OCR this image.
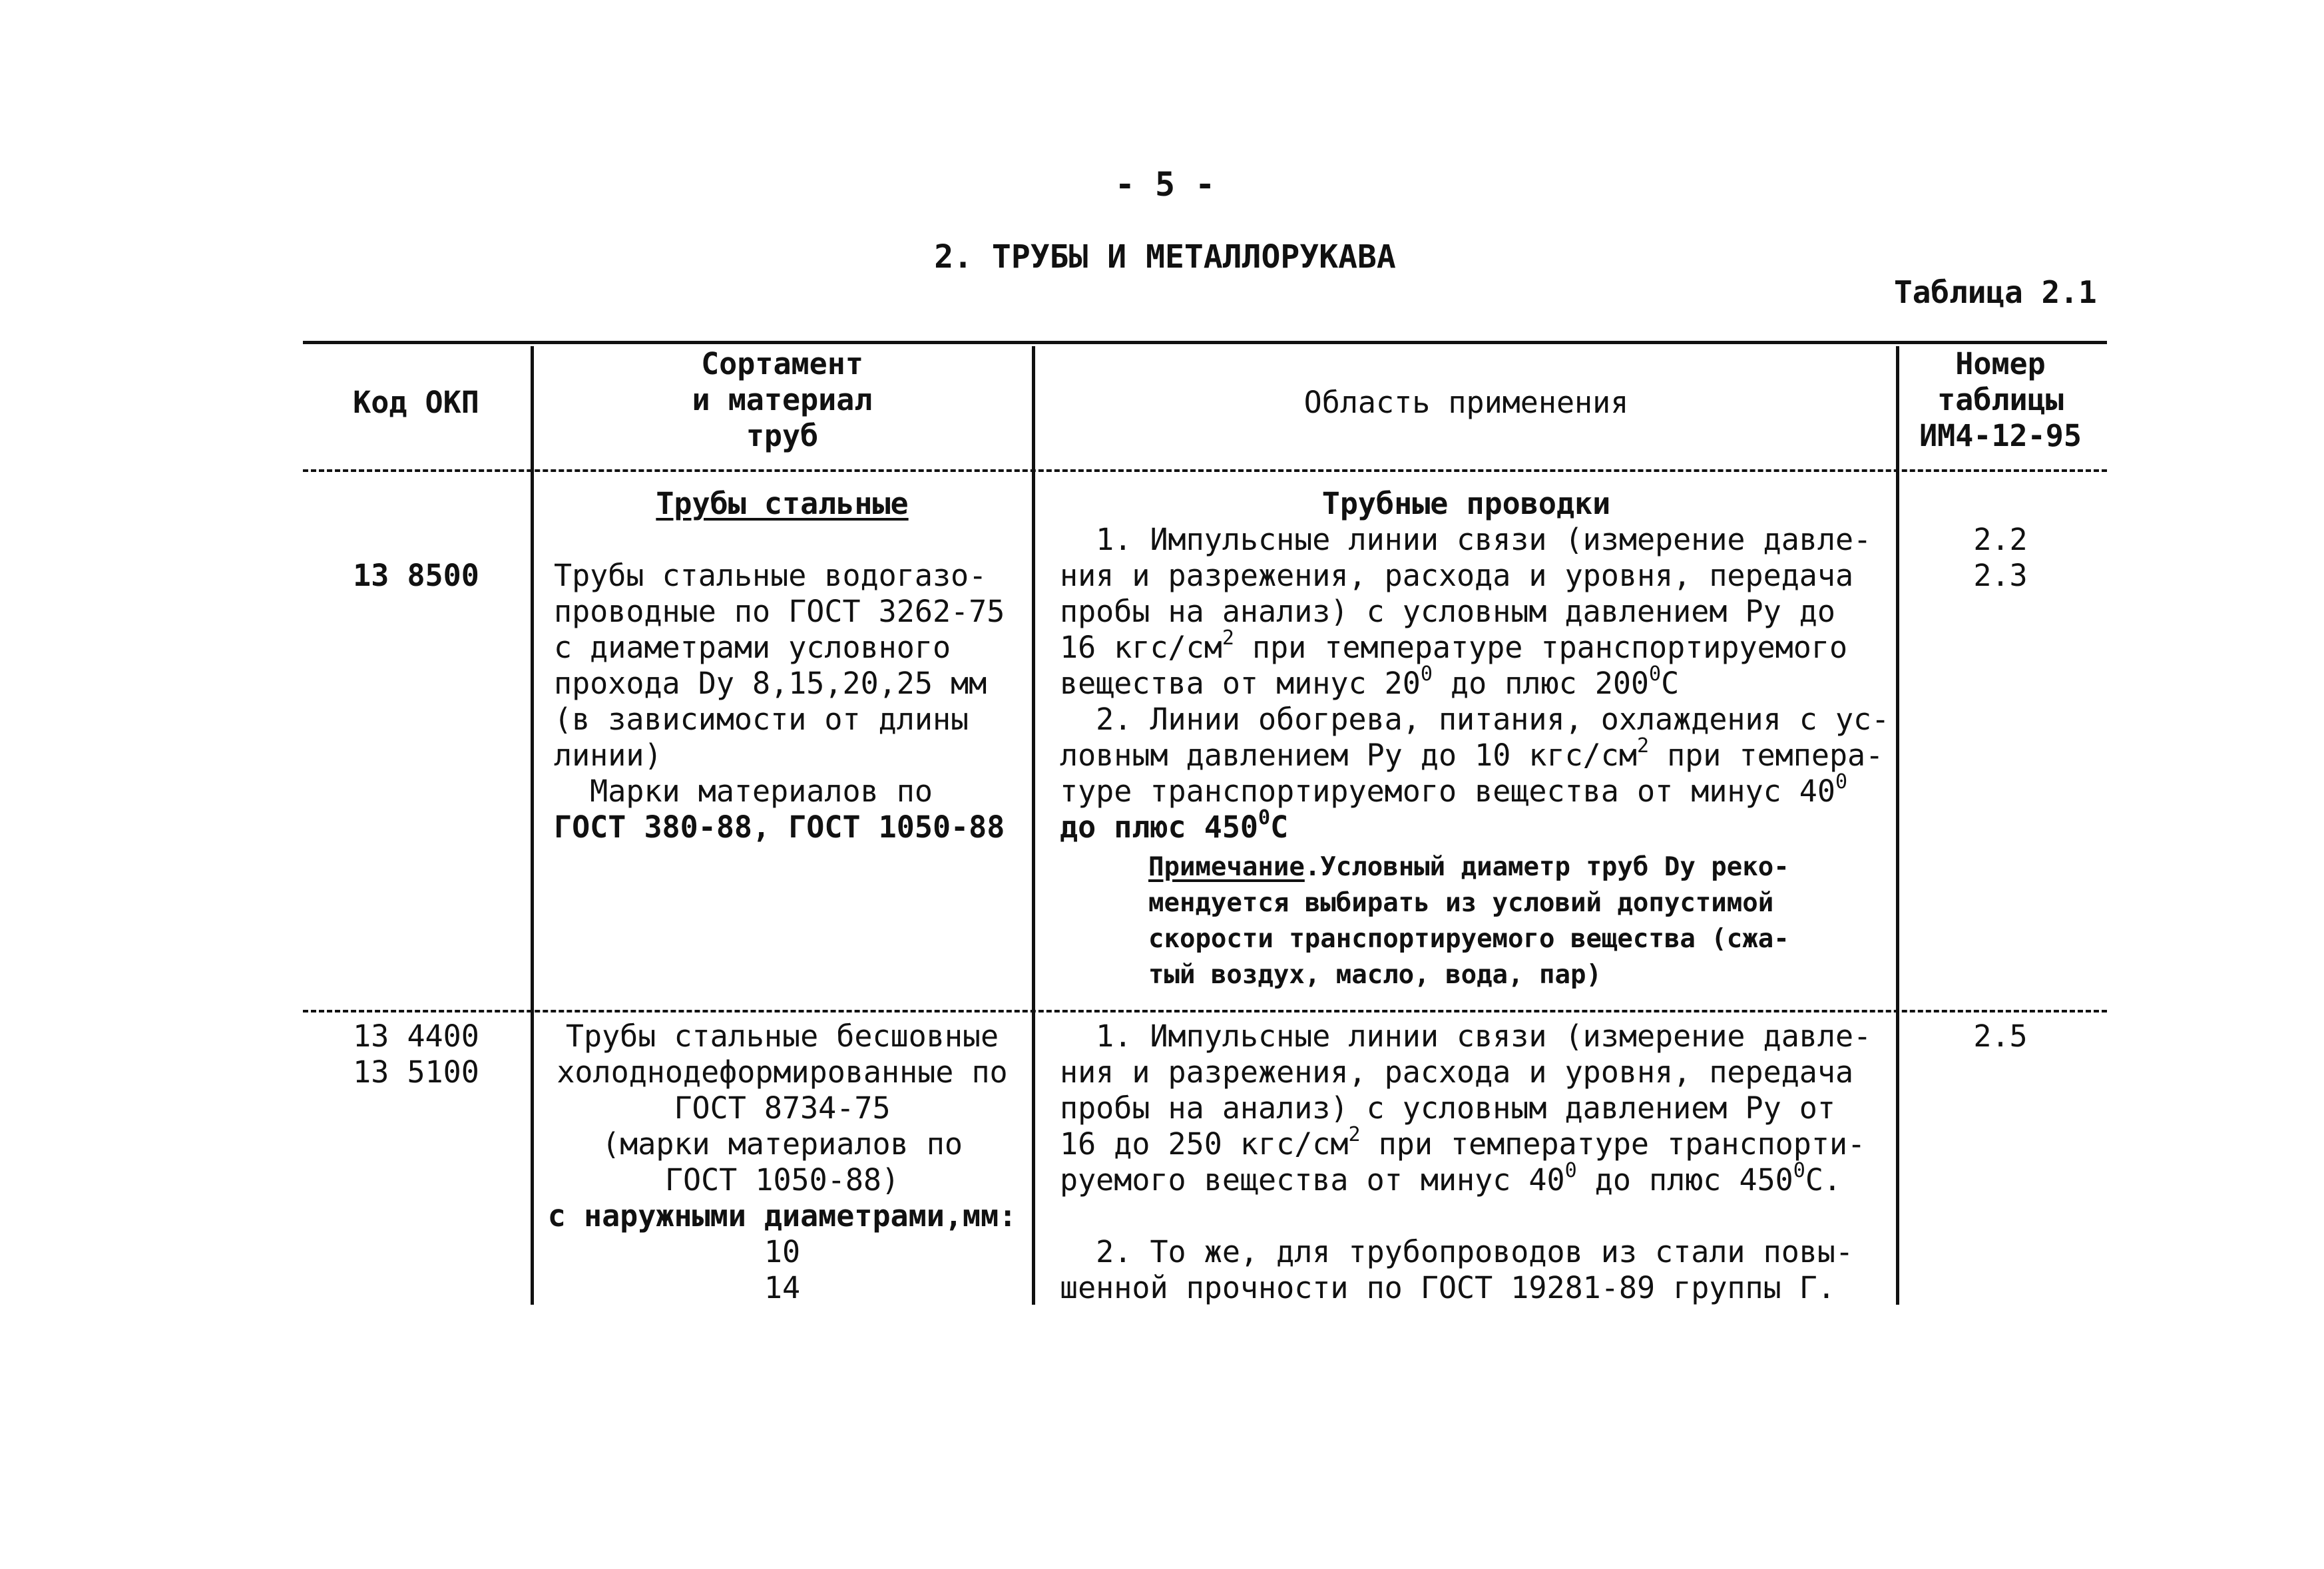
- 5 -
2. ТРУБЫ И МЕТАЛЛОРУКАВА
Таблица 2.1
Код ОКП
Сортамент
и материал
труб
Область применения
Номер
таблицы
ИМ4-12-95
13 8500
Трубы стальные
Трубы стальные водогазо-
проводные по ГОСТ 3262-75
с диаметрами условного
прохода Dу 8,15,20,25 мм
(в зависимости от длины
линии)
Марки материалов по
ГОСТ 380-88, ГОСТ 1050-88
Трубные проводки
1. Импульсные линии связи (измерение давле-
ния и разрежения, расхода и уровня, передача
пробы на анализ) с условным давлением Ру до
16 кгс/$см^2$ при температуре транспортируемого
вещества от минус $20^0$ до плюс $200^0С$
2. Линии обогрева, питания, охлаждения с ус-
ловным давлением Ру до 10 кгс/$см^2$ при темпера-
туре транспортируемого вещества от минус $40^0$
до плюс $450^0С$
Примечание.Условный диаметр труб Dу реко-
мендуется выбирать из условий допустимой
скорости транспортируемого вещества (сжа-
тый воздух, масло, вода, пар)
2.2
2.3
13 4400
13 5100
Трубы стальные бесшовные
холоднодеформированные по
ГОСТ 8734-75
(марки материалов по
ГОСТ 1050-88)
с наружными диаметрами,мм:
10
14
1. Импульсные линии связи (измерение давле-
ния и разрежения, расхода и уровня, передача
пробы на анализ) с условным давлением Ру от
16 до 250 кгс/$см^2$ при температуре транспорти-
руемого вещества от минус $40^0$ до плюс $450^0С$.
2. То же, для трубопроводов из стали повы-
шенной прочности по ГОСТ 19281-89 группы Г.
2.5
